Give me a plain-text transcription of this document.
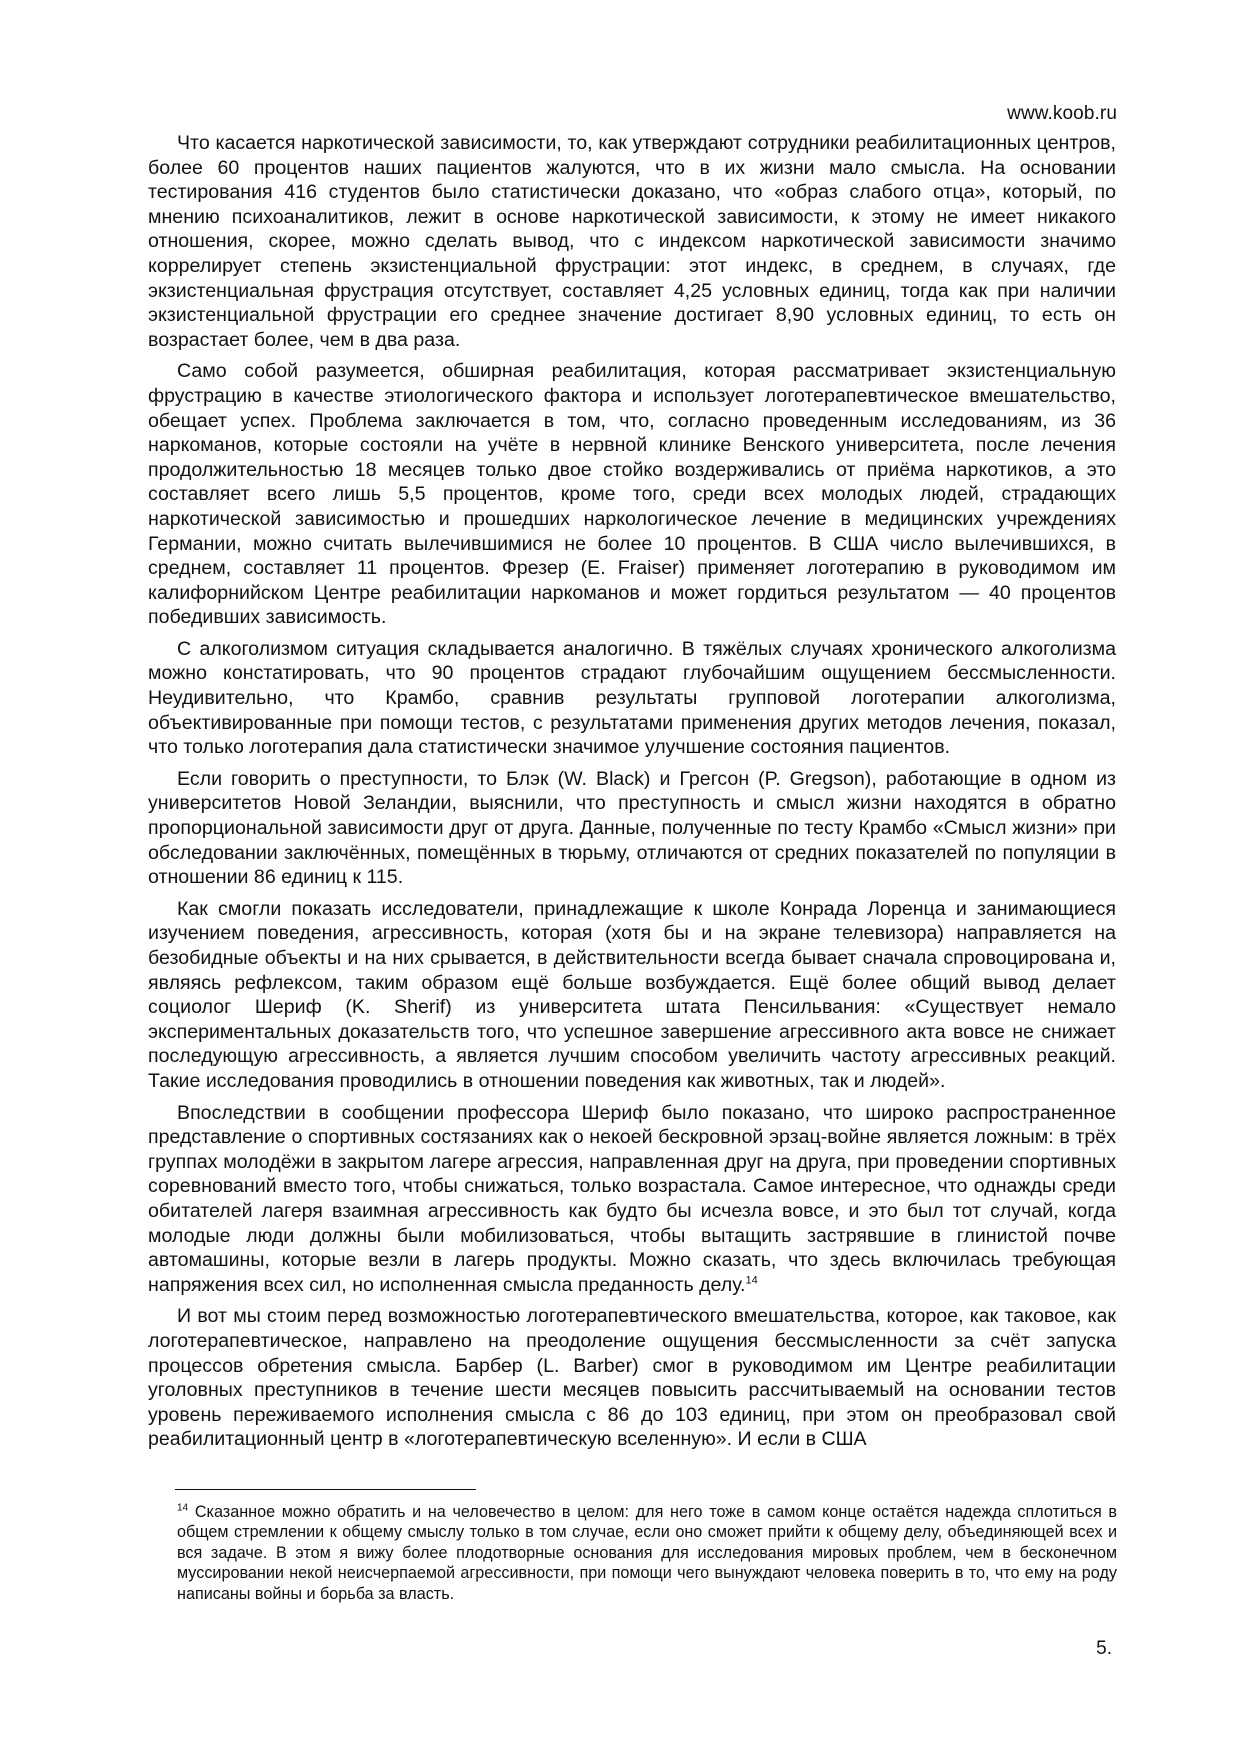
www.koob.ru

Что касается наркотической зависимости, то, как утверждают сотрудники реабилитационных центров, более 60 процентов наших пациентов жалуются, что в их жизни мало смысла. На основании тестирования 416 студентов было статистически доказано, что «образ слабого отца», который, по мнению психоаналитиков, лежит в основе наркотической зависимости, к этому не имеет никакого отношения, скорее, можно сделать вывод, что с индексом наркотической зависимости значимо коррелирует степень экзистенциальной фрустрации: этот индекс, в среднем, в случаях, где экзистенциальная фрустрация отсутствует, составляет 4,25 условных единиц, тогда как при наличии экзистенциальной фрустрации его среднее значение достигает 8,90 условных единиц, то есть он возрастает более, чем в два раза.

Само собой разумеется, обширная реабилитация, которая рассматривает экзистенциальную фрустрацию в качестве этиологического фактора и использует логотерапевтическое вмешательство, обещает успех. Проблема заключается в том, что, согласно проведенным исследованиям, из 36 наркоманов, которые состояли на учёте в нервной клинике Венского университета, после лечения продолжительностью 18 месяцев только двое стойко воздерживались от приёма наркотиков, а это составляет всего лишь 5,5 процентов, кроме того, среди всех молодых людей, страдающих наркотической зависимостью и прошедших наркологическое лечение в медицинских учреждениях Германии, можно считать вылечившимися не более 10 процентов. В США число вылечившихся, в среднем, составляет 11 процентов. Фрезер (E. Fraiser) применяет логотерапию в руководимом им калифорнийском Центре реабилитации наркоманов и может гордиться результатом — 40 процентов победивших зависимость.

С алкоголизмом ситуация складывается аналогично. В тяжёлых случаях хронического алкоголизма можно констатировать, что 90 процентов страдают глубочайшим ощущением бессмысленности. Неудивительно, что Крамбо, сравнив результаты групповой логотерапии алкоголизма, объективированные при помощи тестов, с результатами применения других методов лечения, показал, что только логотерапия дала статистически значимое улучшение состояния пациентов.

Если говорить о преступности, то Блэк (W. Black) и Грегсон (P. Gregson), работающие в одном из университетов Новой Зеландии, выяснили, что преступность и смысл жизни находятся в обратно пропорциональной зависимости друг от друга. Данные, полученные по тесту Крамбо «Смысл жизни» при обследовании заключённых, помещённых в тюрьму, отличаются от средних показателей по популяции в отношении 86 единиц к 115.

Как смогли показать исследователи, принадлежащие к школе Конрада Лоренца и занимающиеся изучением поведения, агрессивность, которая (хотя бы и на экране телевизора) направляется на безобидные объекты и на них срывается, в действительности всегда бывает сначала спровоцирована и, являясь рефлексом, таким образом ещё больше возбуждается. Ещё более общий вывод делает социолог Шериф (K. Sherif) из университета штата Пенсильвания: «Существует немало экспериментальных доказательств того, что успешное завершение агрессивного акта вовсе не снижает последующую агрессивность, а является лучшим способом увеличить частоту агрессивных реакций. Такие исследования проводились в отношении поведения как животных, так и людей».

Впоследствии в сообщении профессора Шериф было показано, что широко распространенное представление о спортивных состязаниях как о некоей бескровной эрзац-войне является ложным: в трёх группах молодёжи в закрытом лагере агрессия, направленная друг на друга, при проведении спортивных соревнований вместо того, чтобы снижаться, только возрастала. Самое интересное, что однажды среди обитателей лагеря взаимная агрессивность как будто бы исчезла вовсе, и это был тот случай, когда молодые люди должны были мобилизоваться, чтобы вытащить застрявшие в глинистой почве автомашины, которые везли в лагерь продукты. Можно сказать, что здесь включилась требующая напряжения всех сил, но исполненная смысла преданность делу.$^{14}$

И вот мы стоим перед возможностью логотерапевтического вмешательства, которое, как таковое, как логотерапевтическое, направлено на преодоление ощущения бессмысленности за счёт запуска процессов обретения смысла. Барбер (L. Barber) смог в руководимом им Центре реабилитации уголовных преступников в течение шести месяцев повысить рассчитываемый на основании тестов уровень переживаемого исполнения смысла с 86 до 103 единиц, при этом он преобразовал свой реабилитационный центр в «логотерапевтическую вселенную». И если в США

$^{14}$ Сказанное можно обратить и на человечество в целом: для него тоже в самом конце остаётся надежда сплотиться в общем стремлении к общему смыслу только в том случае, если оно сможет прийти к общему делу, объединяющей всех и вся задаче. В этом я вижу более плодотворные основания для исследования мировых проблем, чем в бесконечном муссировании некой неисчерпаемой агрессивности, при помощи чего вынуждают человека поверить в то, что ему на роду написаны войны и борьба за власть.

5.
